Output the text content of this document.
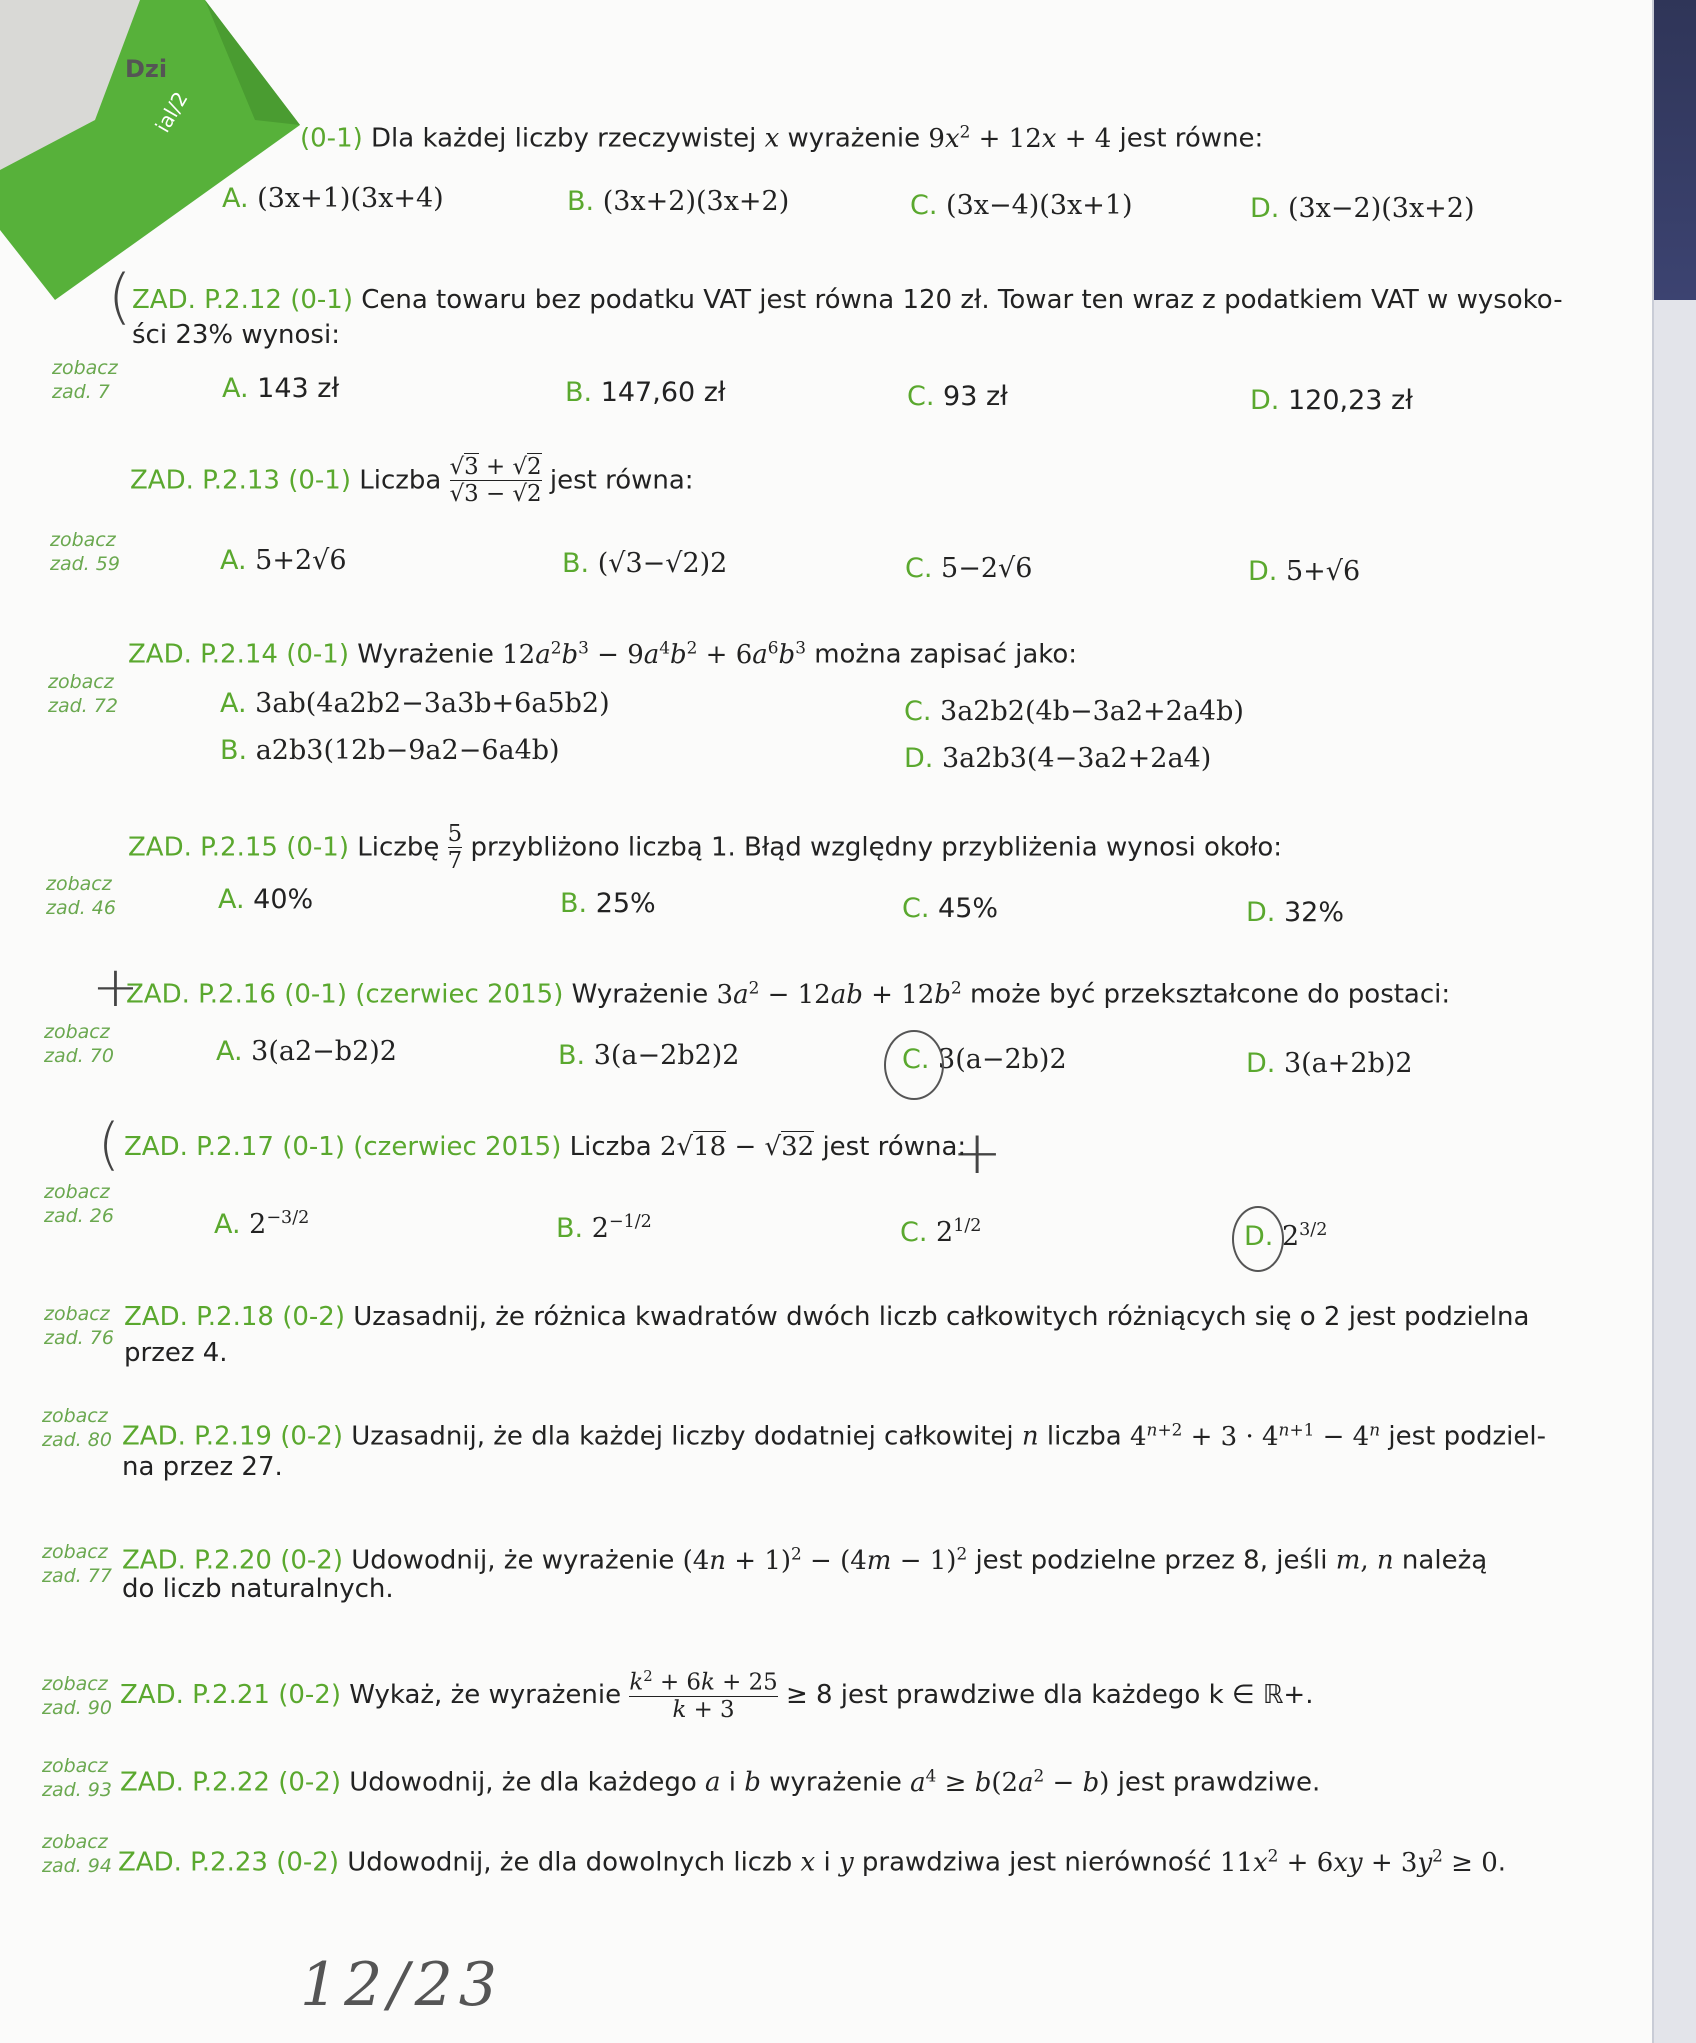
Dzi
ial/2
(0-1) Dla każdej liczby rzeczywistej x wyrażenie $9x^2 + 12x + 4$ jest równe:
A. (3x+1)(3x+4)	B. (3x+2)(3x+2)	C. (3x−4)(3x+1)	D. (3x−2)(3x+2)
( ZAD. P.2.12 (0-1) Cena towaru bez podatku VAT jest równa 120 zł. Towar ten wraz z podatkiem VAT w wysoko-
ści 23% wynosi:
zobacz
zad. 7	A. 143 zł	B. 147,60 zł	C. 93 zł	D. 120,23 zł
ZAD. P.2.13 (0-1) Liczba $\frac{√3 + √2}{√3 - √2}$ jest równa:
zobacz
zad. 59	A. 5+2√6	B. (√3−√2)2	C. 5−2√6	D. 5+√6
ZAD. P.2.14 (0-1) Wyrażenie $12a^2b^3 - 9a^4b^2 + 6a^6b^3$ można zapisać jako:
zobacz
zad. 72	A. 3ab(4a2b2−3a3b+6a5b2)
B. a2b3(12b−9a2−6a4b)
C. 3a2b2(4b−3a2+2a4b)
D. 3a2b3(4−3a2+2a4)
ZAD. P.2.15 (0-1) Liczbę $\frac{5}{7}$ przybliżono liczbą 1. Błąd względny przybliżenia wynosi około:
zobacz
zad. 46	A. 40%	B. 25%	C. 45%	D. 32%
+
ZAD. P.2.16 (0-1) (czerwiec 2015) Wyrażenie $3a^2 - 12ab + 12b^2$ może być przekształcone do postaci:
zobacz
zad. 70	A. 3(a2−b2)2	B. 3(a−2b2)2	C. 3(a−2b)2	D. 3(a+2b)2
(	+
ZAD. P.2.17 (0-1) (czerwiec 2015) Liczba 2√18 − √32 jest równa:
zobacz
zad. 26	A. $2^{-3/2}$	B. $2^{-1/2}$	C. $2^{1/2}$	D. $2^{3/2}$
zobacz
zad. 76
ZAD. P.2.18 (0-2) Uzasadnij, że różnica kwadratów dwóch liczb całkowitych różniących się o 2 jest podzielna
przez 4.
zobacz
zad. 80 ZAD. P.2.19 (0-2) Uzasadnij, że dla każdej liczby dodatniej całkowitej n liczba $4^{n+2} + 3 \cdot 4^{n+1} - 4^n$ jest podziel-
na przez 27.
zobacz
zad. 77
ZAD. P.2.20 (0-2) Udowodnij, że wyrażenie $(4n + 1)^2 - (4m - 1)^2$ jest podzielne przez 8, jeśli m, n należą
do liczb naturalnych.
zobacz
zad. 90 ZAD. P.2.21 (0-2) Wykaż, że wyrażenie $\frac{k^2 + 6k + 25}{k + 3} \ge 8$ jest prawdziwe dla każdego k ∈ ℝ+.
zobacz
zad. 93 ZAD. P.2.22 (0-2) Udowodnij, że dla każdego a i b wyrażenie $a^4 \ge b(2a^2 - b)$ jest prawdziwe.
zobacz
zad. 94 ZAD. P.2.23 (0-2) Udowodnij, że dla dowolnych liczb x i y prawdziwa jest nierówność $11x^2 + 6xy + 3y^2 \ge 0$.
12/23
